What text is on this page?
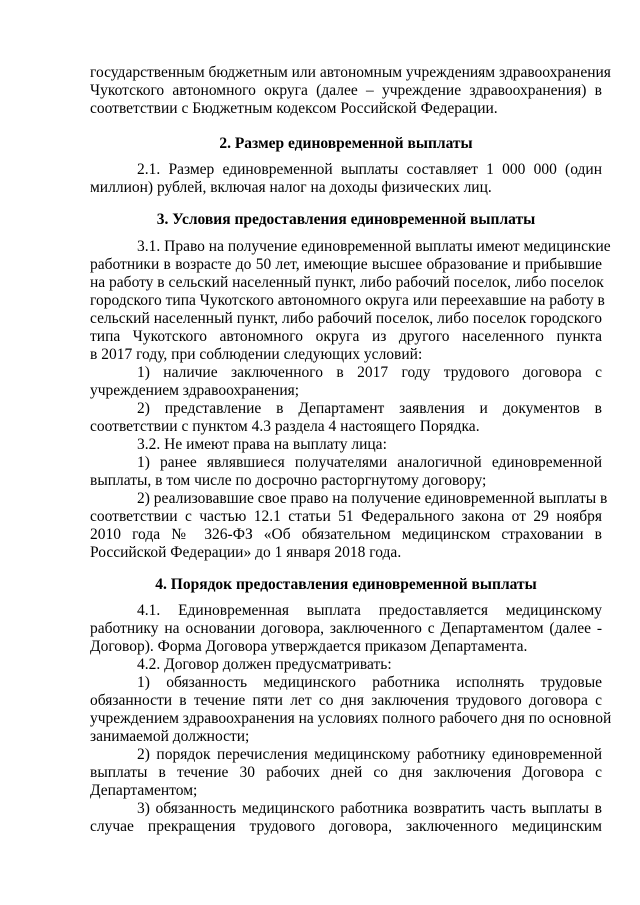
государственным бюджетным или автономным учреждениям здравоохранения
Чукотского автономного округа (далее – учреждение здравоохранения) в
соответствии с Бюджетным кодексом Российской Федерации.
2. Размер единовременной выплаты
2.1. Размер единовременной выплаты составляет 1 000 000 (один
миллион) рублей, включая налог на доходы физических лиц.
3. Условия предоставления единовременной выплаты
3.1. Право на получение единовременной выплаты имеют медицинские
работники в возрасте до 50 лет, имеющие высшее образование и прибывшие
на работу в сельский населенный пункт, либо рабочий поселок, либо поселок
городского типа Чукотского автономного округа или переехавшие на работу в
сельский населенный пункт, либо рабочий поселок, либо поселок городского
типа Чукотского автономного округа из другого населенного пункта
в 2017 году, при соблюдении следующих условий:
1) наличие заключенного в 2017 году трудового договора с
учреждением здравоохранения;
2) представление в Департамент заявления и документов в
соответствии с пунктом 4.3 раздела 4 настоящего Порядка.
3.2. Не имеют права на выплату лица:
1) ранее являвшиеся получателями аналогичной единовременной
выплаты, в том числе по досрочно расторгнутому договору;
2) реализовавшие свое право на получение единовременной выплаты в
соответствии с частью 12.1 статьи 51 Федерального закона от 29 ноября
2010 года № 326-ФЗ «Об обязательном медицинском страховании в
Российской Федерации» до 1 января 2018 года.
4. Порядок предоставления единовременной выплаты
4.1. Единовременная выплата предоставляется медицинскому
работнику на основании договора, заключенного с Департаментом (далее -
Договор). Форма Договора утверждается приказом Департамента.
4.2. Договор должен предусматривать:
1) обязанность медицинского работника исполнять трудовые
обязанности в течение пяти лет со дня заключения трудового договора с
учреждением здравоохранения на условиях полного рабочего дня по основной
занимаемой должности;
2) порядок перечисления медицинскому работнику единовременной
выплаты в течение 30 рабочих дней со дня заключения Договора с
Департаментом;
3) обязанность медицинского работника возвратить часть выплаты в
случае прекращения трудового договора, заключенного медицинским
